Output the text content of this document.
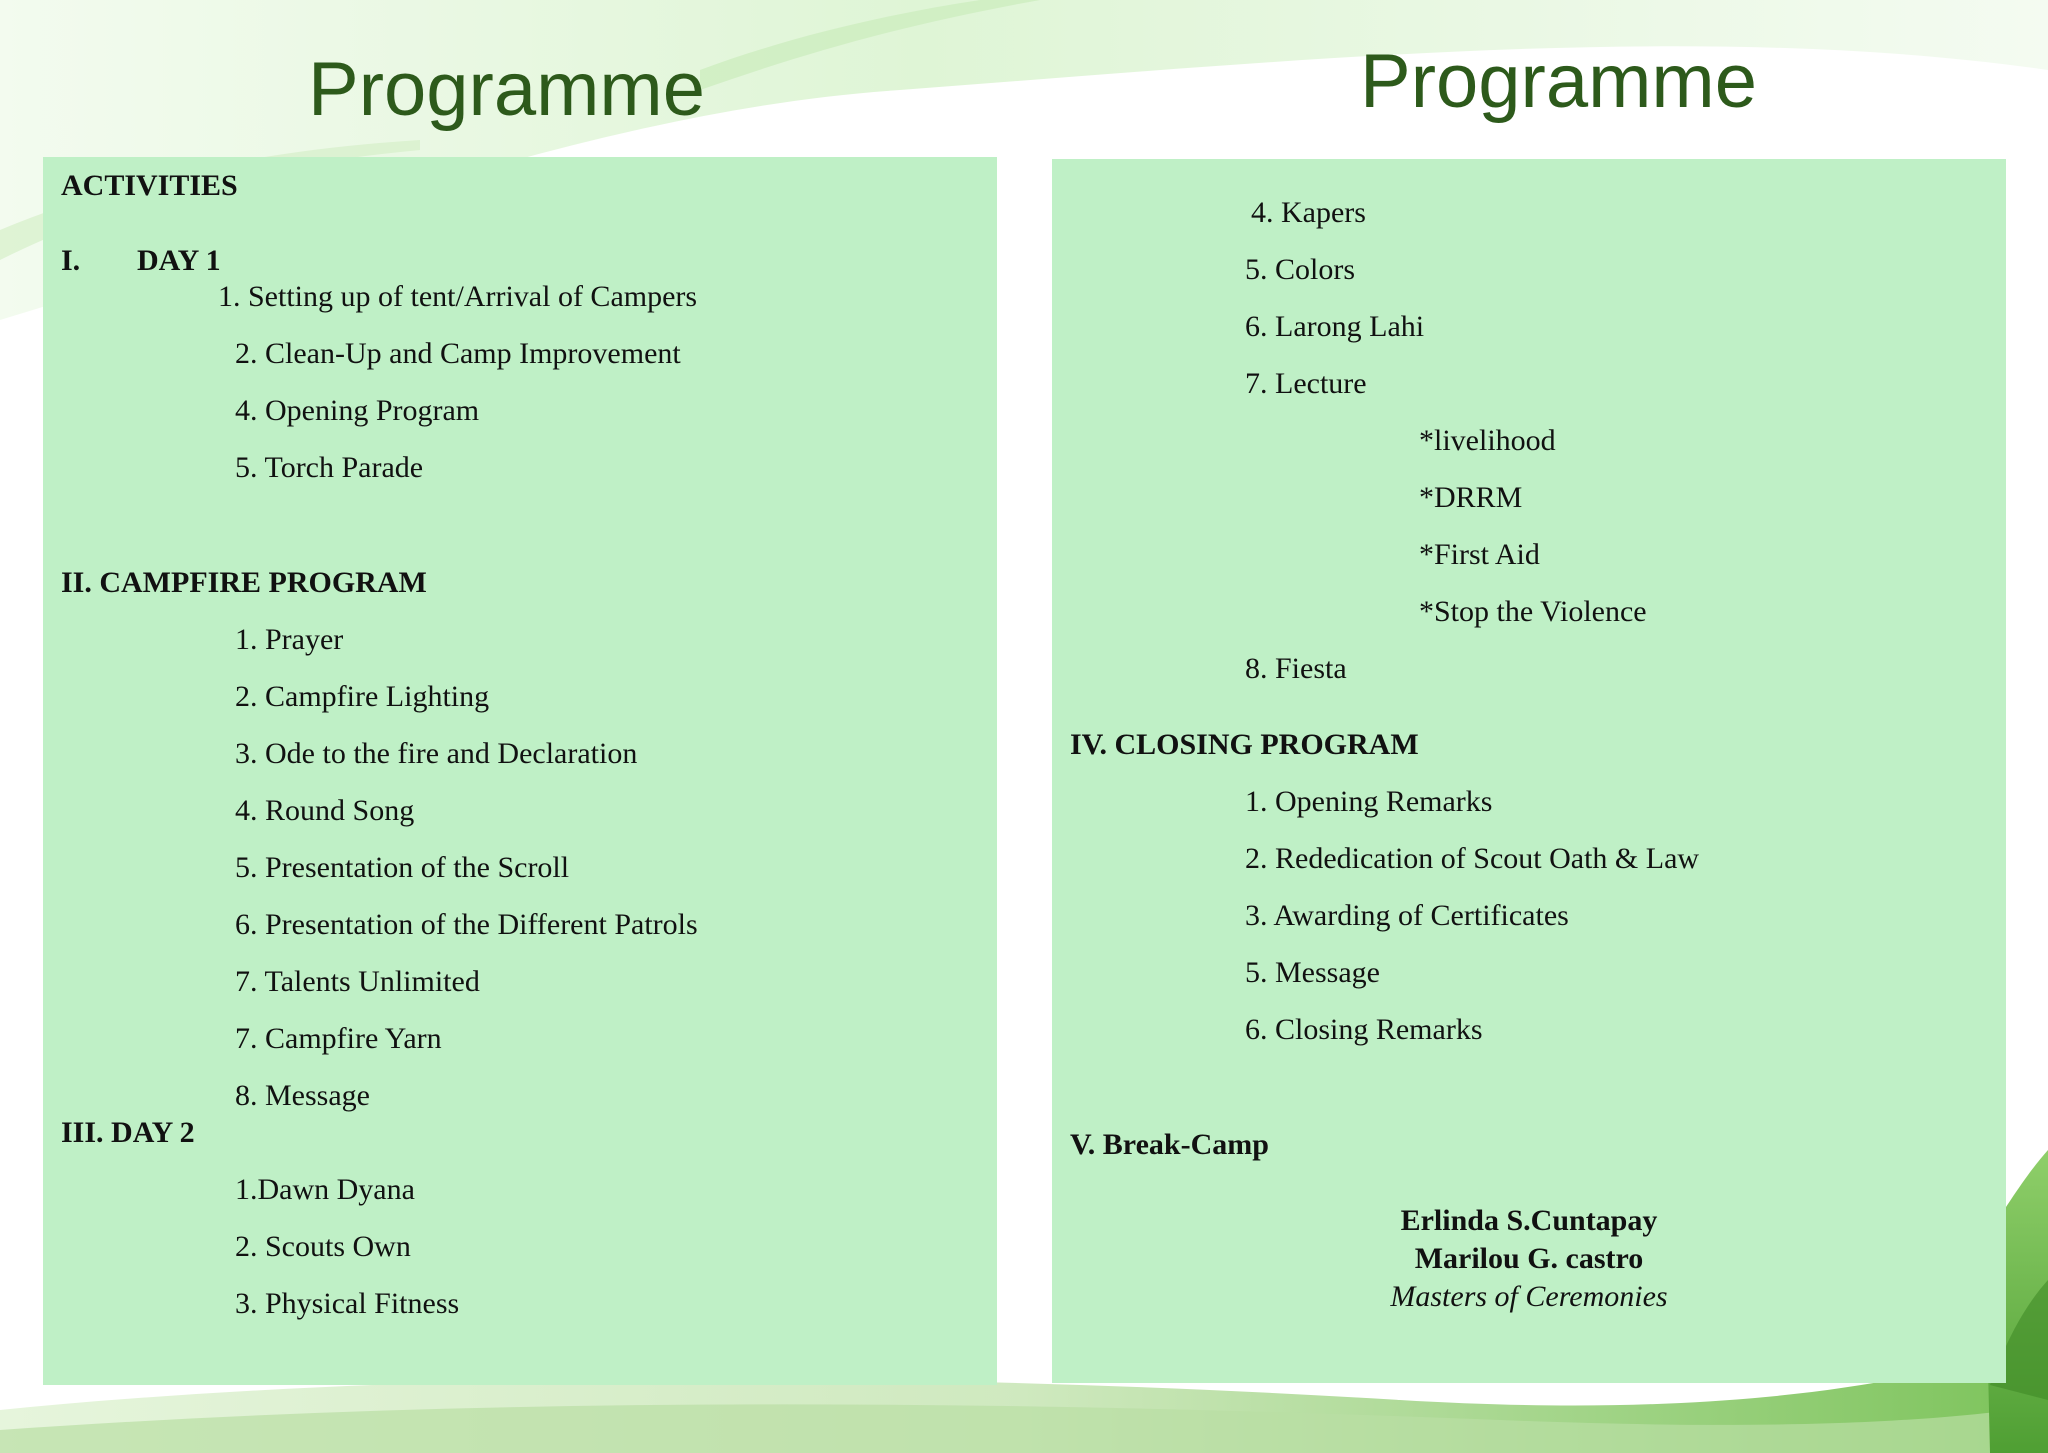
Programme	Programme
ACTIVITIES
I. DAY 1
1. Setting up of tent/Arrival of Campers
2. Clean-Up and Camp Improvement
4. Opening Program
5. Torch Parade
II. CAMPFIRE PROGRAM
1. Prayer
2. Campfire Lighting
3. Ode to the fire and Declaration
4. Round Song
5. Presentation of the Scroll
6. Presentation of the Different Patrols
7. Talents Unlimited
7. Campfire Yarn
8. Message
III. DAY 2
1.Dawn Dyana
2. Scouts Own
3. Physical Fitness
4. Kapers
5. Colors
6. Larong Lahi
7. Lecture
*livelihood
*DRRM
*First Aid
*Stop the Violence
8. Fiesta
IV. CLOSING PROGRAM
1. Opening Remarks
2. Rededication of Scout Oath & Law
3. Awarding of Certificates
5. Message
6. Closing Remarks
V. Break-Camp
Erlinda S.Cuntapay
Marilou G. castro
Masters of Ceremonies
